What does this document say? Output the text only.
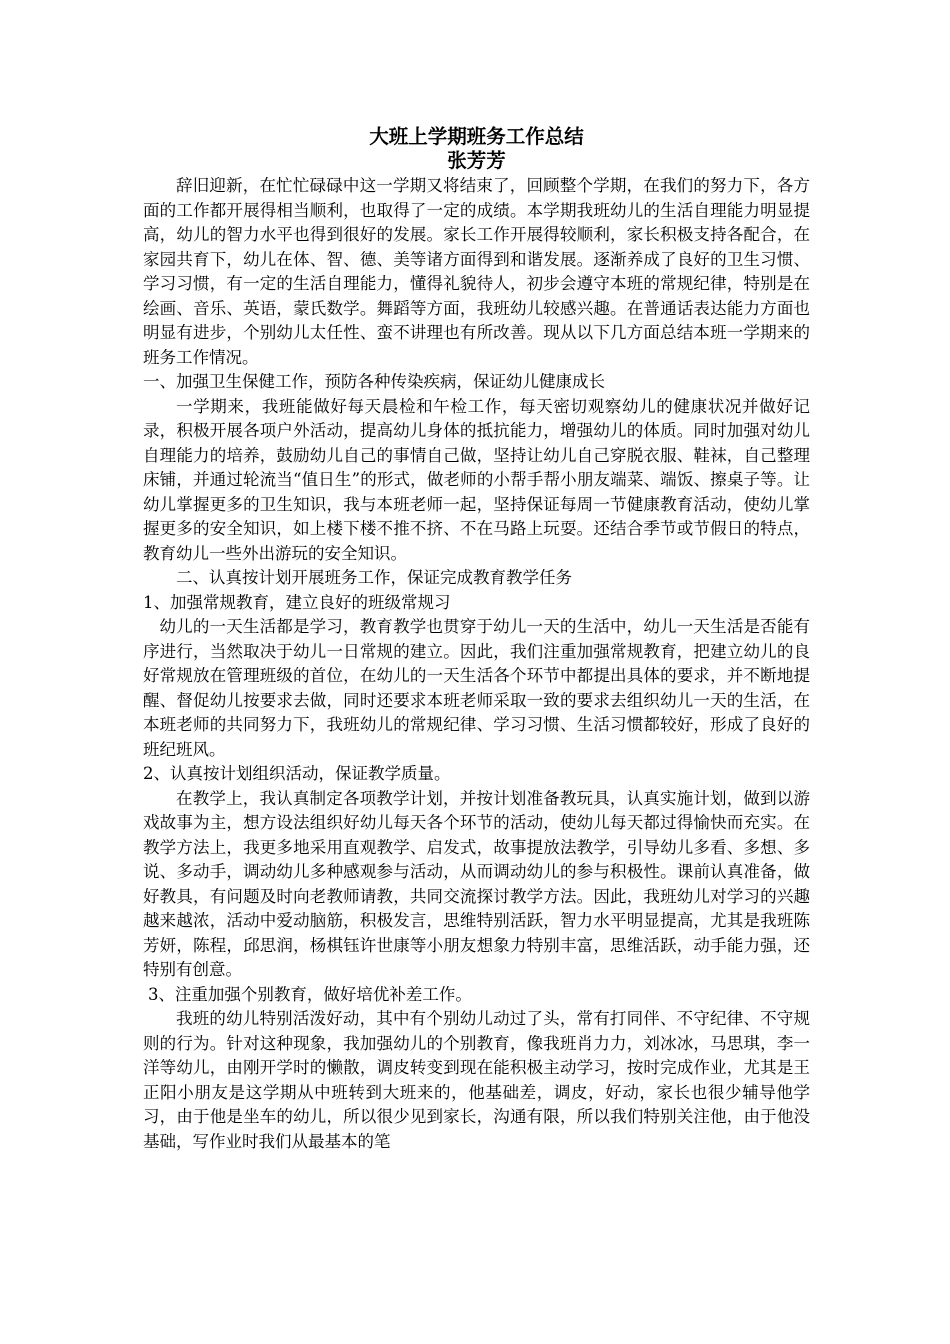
大班上学期班务工作总结
张芳芳

辞旧迎新，在忙忙碌碌中这一学期又将结束了，回顾整个学期，在我们的努力下，各方面的工作都开展得相当顺利，也取得了一定的成绩。本学期我班幼儿的生活自理能力明显提高，幼儿的智力水平也得到很好的发展。家长工作开展得较顺利，家长积极支持各配合，在家园共育下，幼儿在体、智、德、美等诸方面得到和谐发展。逐渐养成了良好的卫生习惯、学习习惯，有一定的生活自理能力，懂得礼貌待人，初步会遵守本班的常规纪律，特别是在绘画、音乐、英语，蒙氏数学。舞蹈等方面，我班幼儿较感兴趣。在普通话表达能力方面也明显有进步，个别幼儿太任性、蛮不讲理也有所改善。现从以下几方面总结本班一学期来的班务工作情况。

一、加强卫生保健工作，预防各种传染疾病，保证幼儿健康成长

一学期来，我班能做好每天晨检和午检工作，每天密切观察幼儿的健康状况并做好记录，积极开展各项户外活动，提高幼儿身体的抵抗能力，增强幼儿的体质。同时加强对幼儿自理能力的培养，鼓励幼儿自己的事情自己做，坚持让幼儿自己穿脱衣服、鞋袜，自己整理床铺，并通过轮流当“值日生”的形式，做老师的小帮手帮小朋友端菜、端饭、擦桌子等。让幼儿掌握更多的卫生知识，我与本班老师一起，坚持保证每周一节健康教育活动，使幼儿掌握更多的安全知识，如上楼下楼不推不挤、不在马路上玩耍。还结合季节或节假日的特点，教育幼儿一些外出游玩的安全知识。

二、认真按计划开展班务工作，保证完成教育教学任务

1、加强常规教育，建立良好的班级常规习

幼儿的一天生活都是学习，教育教学也贯穿于幼儿一天的生活中，幼儿一天生活是否能有序进行，当然取决于幼儿一日常规的建立。因此，我们注重加强常规教育，把建立幼儿的良好常规放在管理班级的首位，在幼儿的一天生活各个环节中都提出具体的要求，并不断地提醒、督促幼儿按要求去做，同时还要求本班老师采取一致的要求去组织幼儿一天的生活，在本班老师的共同努力下，我班幼儿的常规纪律、学习习惯、生活习惯都较好，形成了良好的班纪班风。

2、认真按计划组织活动，保证教学质量。

在教学上，我认真制定各项教学计划，并按计划准备教玩具，认真实施计划，做到以游戏故事为主，想方设法组织好幼儿每天各个环节的活动，使幼儿每天都过得愉快而充实。在教学方法上，我更多地采用直观教学、启发式，故事提放法教学，引导幼儿多看、多想、多说、多动手，调动幼儿多种感观参与活动，从而调动幼儿的参与积极性。课前认真准备，做好教具，有问题及时向老教师请教，共同交流探讨教学方法。因此，我班幼儿对学习的兴趣越来越浓，活动中爱动脑筋，积极发言，思维特别活跃，智力水平明显提高，尤其是我班陈芳妍，陈程，邱思润，杨棋钰许世康等小朋友想象力特别丰富，思维活跃，动手能力强，还特别有创意。

3、注重加强个别教育，做好培优补差工作。

我班的幼儿特别活泼好动，其中有个别幼儿动过了头，常有打同伴、不守纪律、不守规则的行为。针对这种现象，我加强幼儿的个别教育，像我班肖力力，刘冰冰，马思琪，李一洋等幼儿，由刚开学时的懒散，调皮转变到现在能积极主动学习，按时完成作业，尤其是王正阳小朋友是这学期从中班转到大班来的，他基础差，调皮，好动，家长也很少辅导他学习，由于他是坐车的幼儿，所以很少见到家长，沟通有限，所以我们特别关注他，由于他没基础，写作业时我们从最基本的笔
